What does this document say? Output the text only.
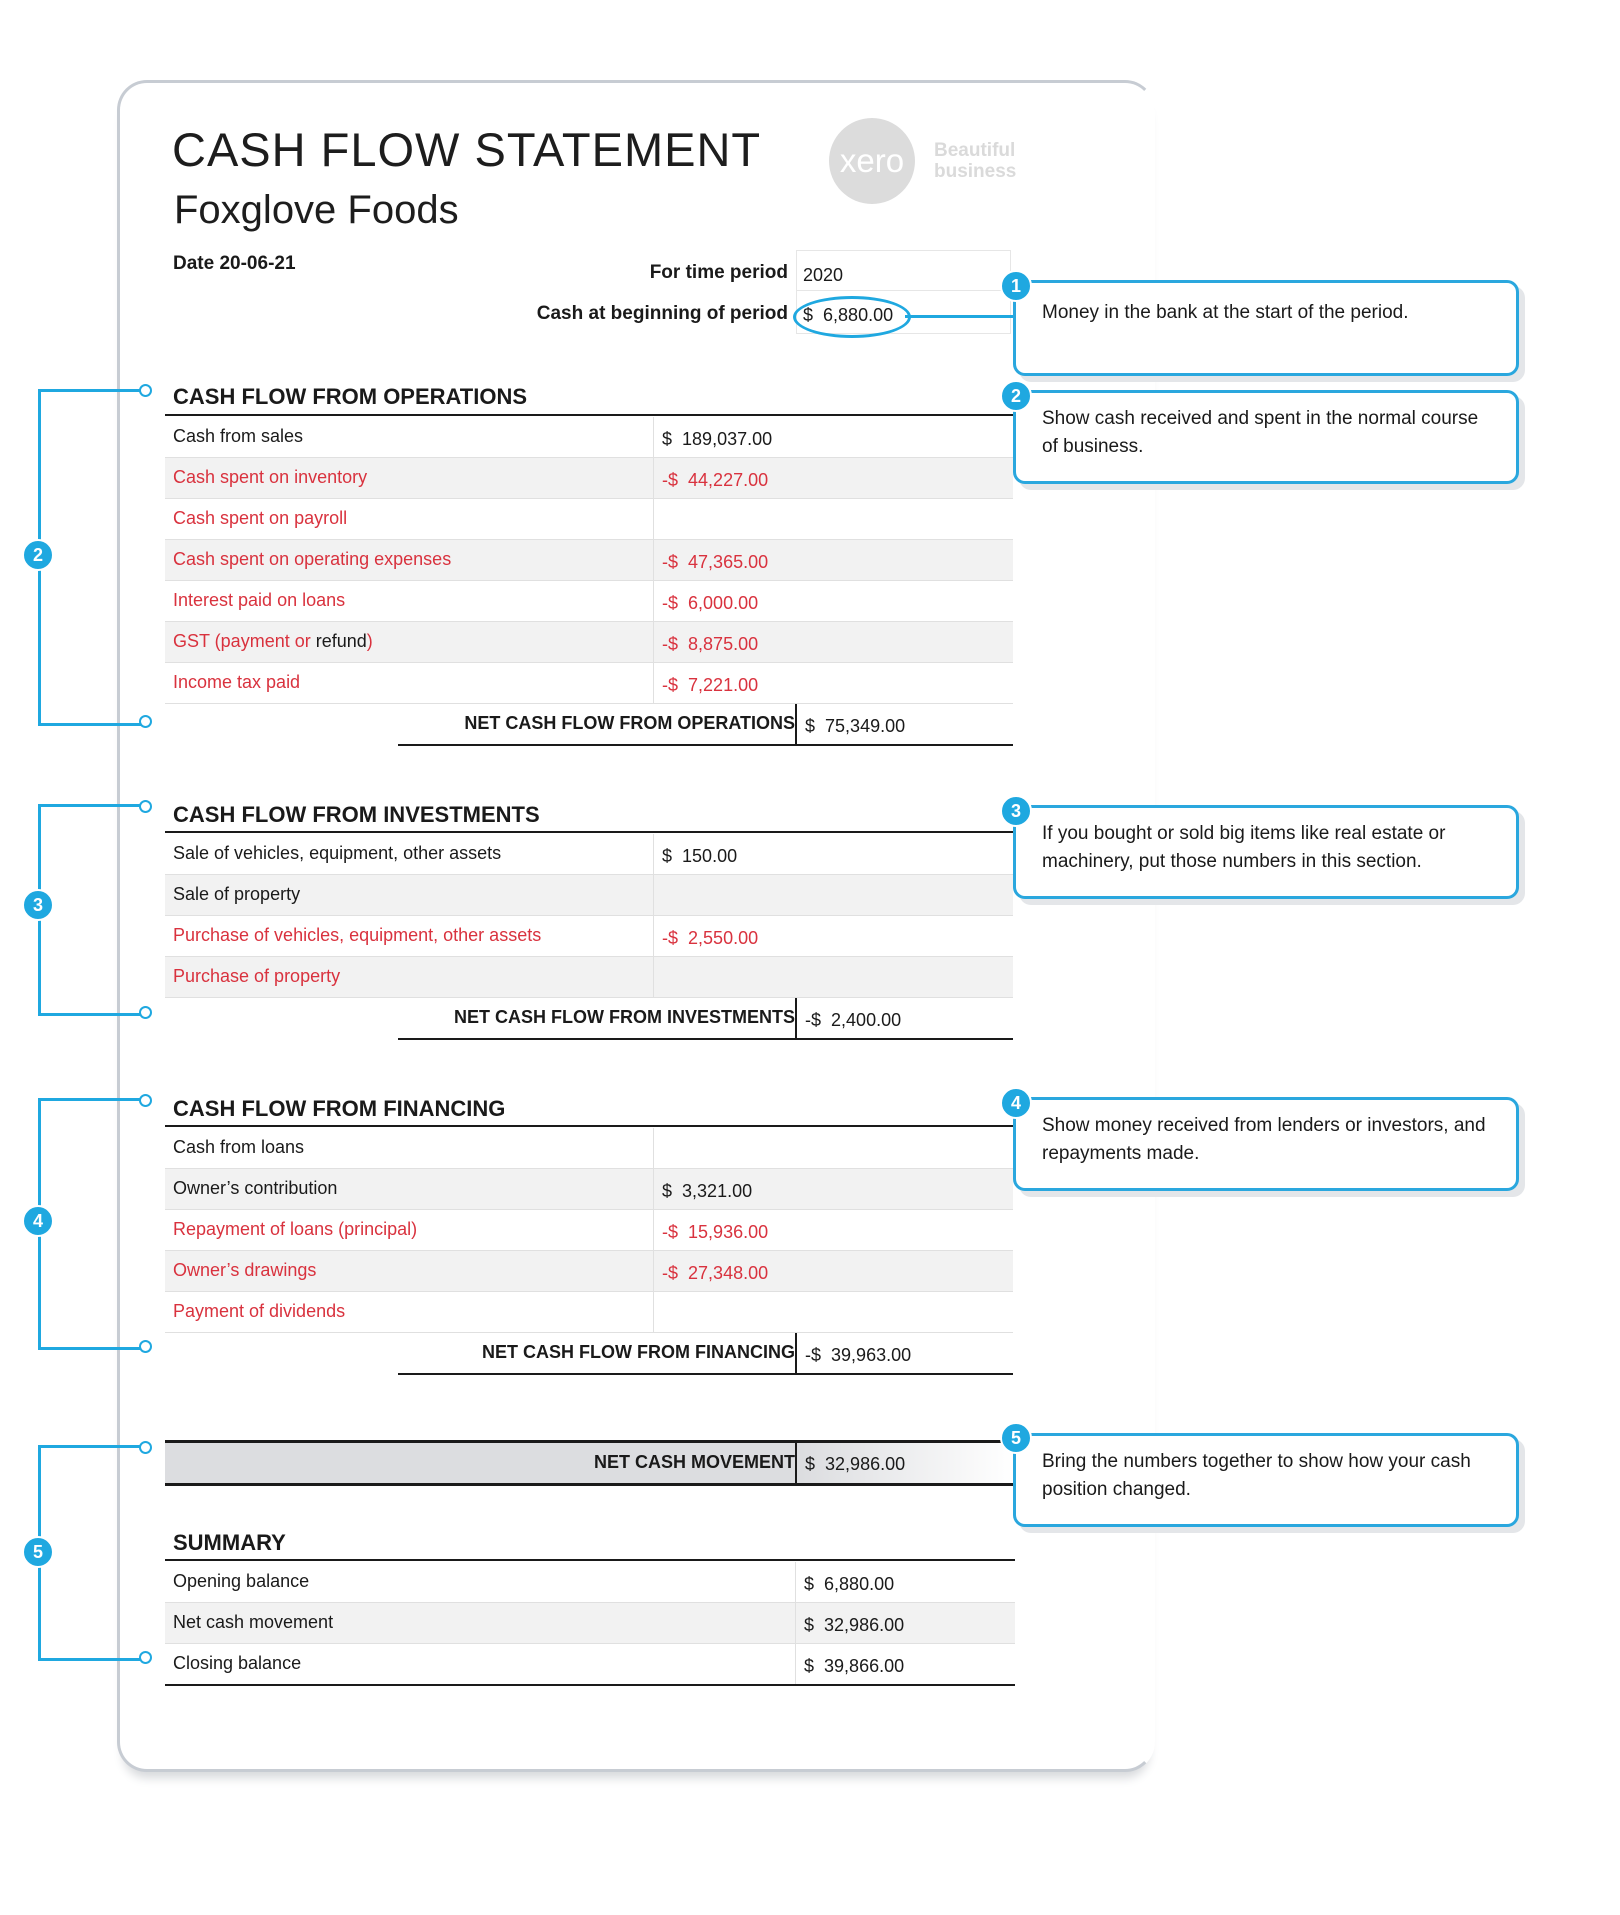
CASH FLOW STATEMENT
Foxglove Foods
xero Beautiful
business
Date 20-06-21	For time period 2020
Cash at beginning of period $ 6,880.00
CASH FLOW FROM OPERATIONS
Cash from sales	$ 189,037.00
Cash spent on inventory	-$ 44,227.00
Cash spent on payroll
Cash spent on operating expenses	-$ 47,365.00
Interest paid on loans	-$ 6,000.00
GST (payment or refund)	-$ 8,875.00
Income tax paid	-$ 7,221.00
NET CASH FLOW FROM OPERATIONS $ 75,349.00
CASH FLOW FROM INVESTMENTS
Sale of vehicles, equipment, other assets	$ 150.00
Sale of property
Purchase of vehicles, equipment, other assets	-$ 2,550.00
Purchase of property
NET CASH FLOW FROM INVESTMENTS -$ 2,400.00
CASH FLOW FROM FINANCING
Cash from loans
Owner’s contribution	$ 3,321.00
Repayment of loans (principal)	-$ 15,936.00
Owner’s drawings	-$ 27,348.00
Payment of dividends
NET CASH FLOW FROM FINANCING -$ 39,963.00
NET CASH MOVEMENT $ 32,986.00
SUMMARY
Opening balance	$ 6,880.00
Net cash movement	$ 32,986.00
Closing balance	$ 39,866.00
Money in the bank at the start of the period.
1
Show cash received and spent in the normal course of business.
2
If you bought or sold big items like real estate or machinery, put those numbers in this section.
3
Show money received from lenders or investors, and repayments made.
4
Bring the numbers together to show how your cash position changed.
5
2
3
4
5
